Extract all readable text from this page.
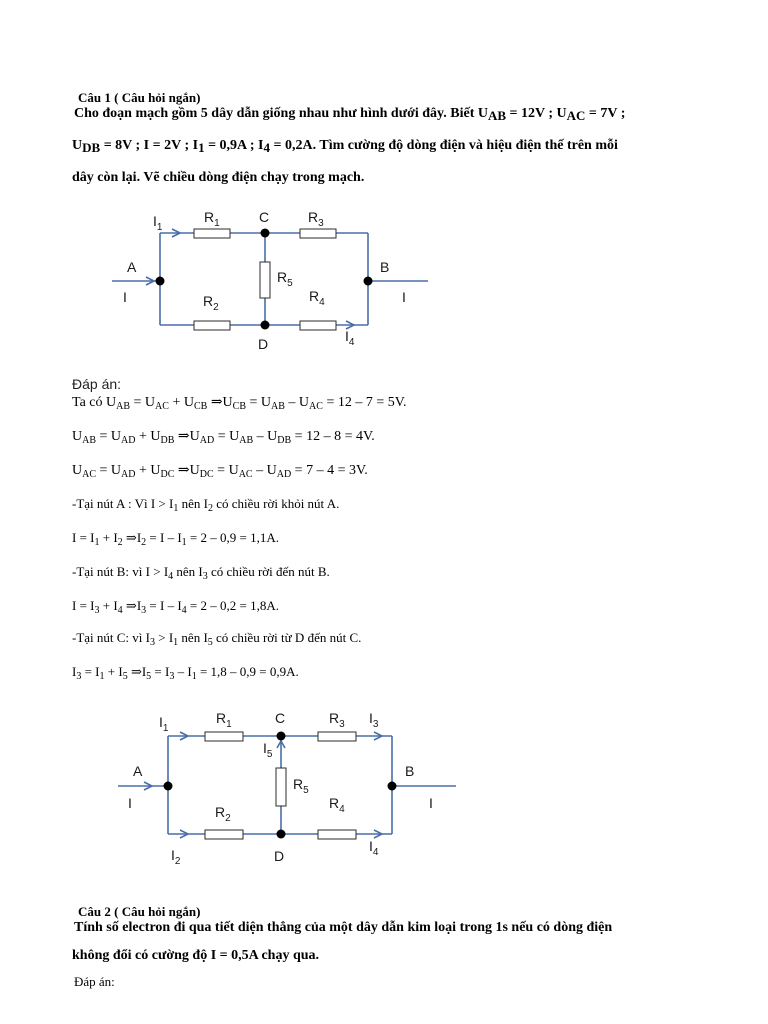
Câu 1 ( Câu hỏi ngắn)
Cho đoạn mạch gồm 5 dây dẫn giống nhau như hình dưới đây. Biết UAB = 12V ; UAC = 7V ;
UDB = 8V ; I = 2V ; I1 = 0,9A ; I4 = 0,2A. Tìm cường độ dòng điện và hiệu điện thế trên mỗi
dây còn lại. Vẽ chiều dòng điện chạy trong mạch.
$I_1$
$R_1$	C	$R_3$
A
I
$R_5$
B
I
$R_2$
$R_4$
$I_4$
D
Đáp án:
Ta có $U_{AB} = U_{AC} + U_{CB}$ $\Rightarrow U_{CB} = U_{AB} - U_{AC} = 12 - 7 = 5V$.
$U_{AB} = U_{AD} + U_{DB}$ $\Rightarrow U_{AD} = U_{AB} - U_{DB} = 12 - 8 = 4V$.
$U_{AC} = U_{AD} + U_{DC}$ $\Rightarrow U_{DC} = U_{AC} - U_{AD} = 7 - 4 = 3V$.
-Tại nút A : Vì $I > I_1$ nên $I_2$ có chiều rời khỏi nút A.
$I = I_1 + I_2$ $\Rightarrow I_2 = I - I_1 = 2 - 0,9 = 1,1A$.
-Tại nút B: vì $I > I_4$ nên $I_3$ có chiều rời đến nút B.
$I = I_3 + I_4$ $\Rightarrow I_3 = I - I_4 = 2 - 0,2 = 1,8A$.
-Tại nút C: vì $I_3 > I_1$ nên $I_5$ có chiều rời từ D đến nút C.
$I_3 = I_1 + I_5$ $\Rightarrow I_5 = I_3 - I_1 = 1,8 - 0,9 = 0,9A$.
$I_1$
$R_1$	C	$R_3$ $I_3$
$I_5$
A
I
$R_5$
B
I
$R_2$
$R_4$
$I_2$	D
$I_4$
Câu 2 ( Câu hỏi ngắn)
Tính số electron đi qua tiết diện thẳng của một dây dẫn kim loại trong 1s nếu có dòng điện
không đổi có cường độ I = 0,5A chạy qua.
Đáp án:
